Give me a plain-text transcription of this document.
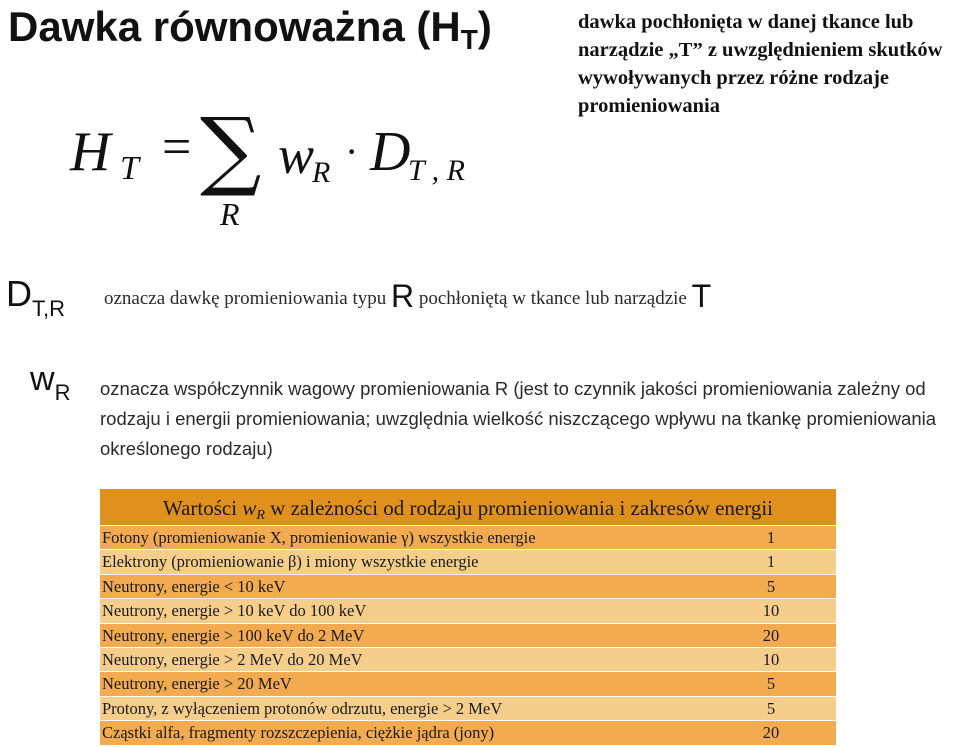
Dawka równoważna $(H_T)$	dawka pochłonięta w danej tkance lub narządzie „T” z uwzględnieniem skutków wywoływanych przez różne rodzaje promieniowania
H T = ∑
R
w
R · D
T , R
$D_{T,R}$ oznacza dawkę promieniowania typu R pochłoniętą w tkance lub narządzie T
$w_R$ oznacza współczynnik wagowy promieniowania R (jest to czynnik jakości promieniowania zależny od rodzaju i energii promieniowania; uwzględnia wielkość niszczącego wpływu na tkankę promieniowania określonego rodzaju)
Wartości $w_R$ w zależności od rodzaju promieniowania i zakresów energii
Fotony (promieniowanie X, promieniowanie γ) wszystkie energie	1
Elektrony (promieniowanie β) i miony wszystkie energie	1
Neutrony, energie < 10 keV	5
Neutrony, energie > 10 keV do 100 keV	10
Neutrony, energie > 100 keV do 2 MeV	20
Neutrony, energie > 2 MeV do 20 MeV	10
Neutrony, energie > 20 MeV	5
Protony, z wyłączeniem protonów odrzutu, energie > 2 MeV	5
Cząstki alfa, fragmenty rozszczepienia, ciężkie jądra (jony)	20
